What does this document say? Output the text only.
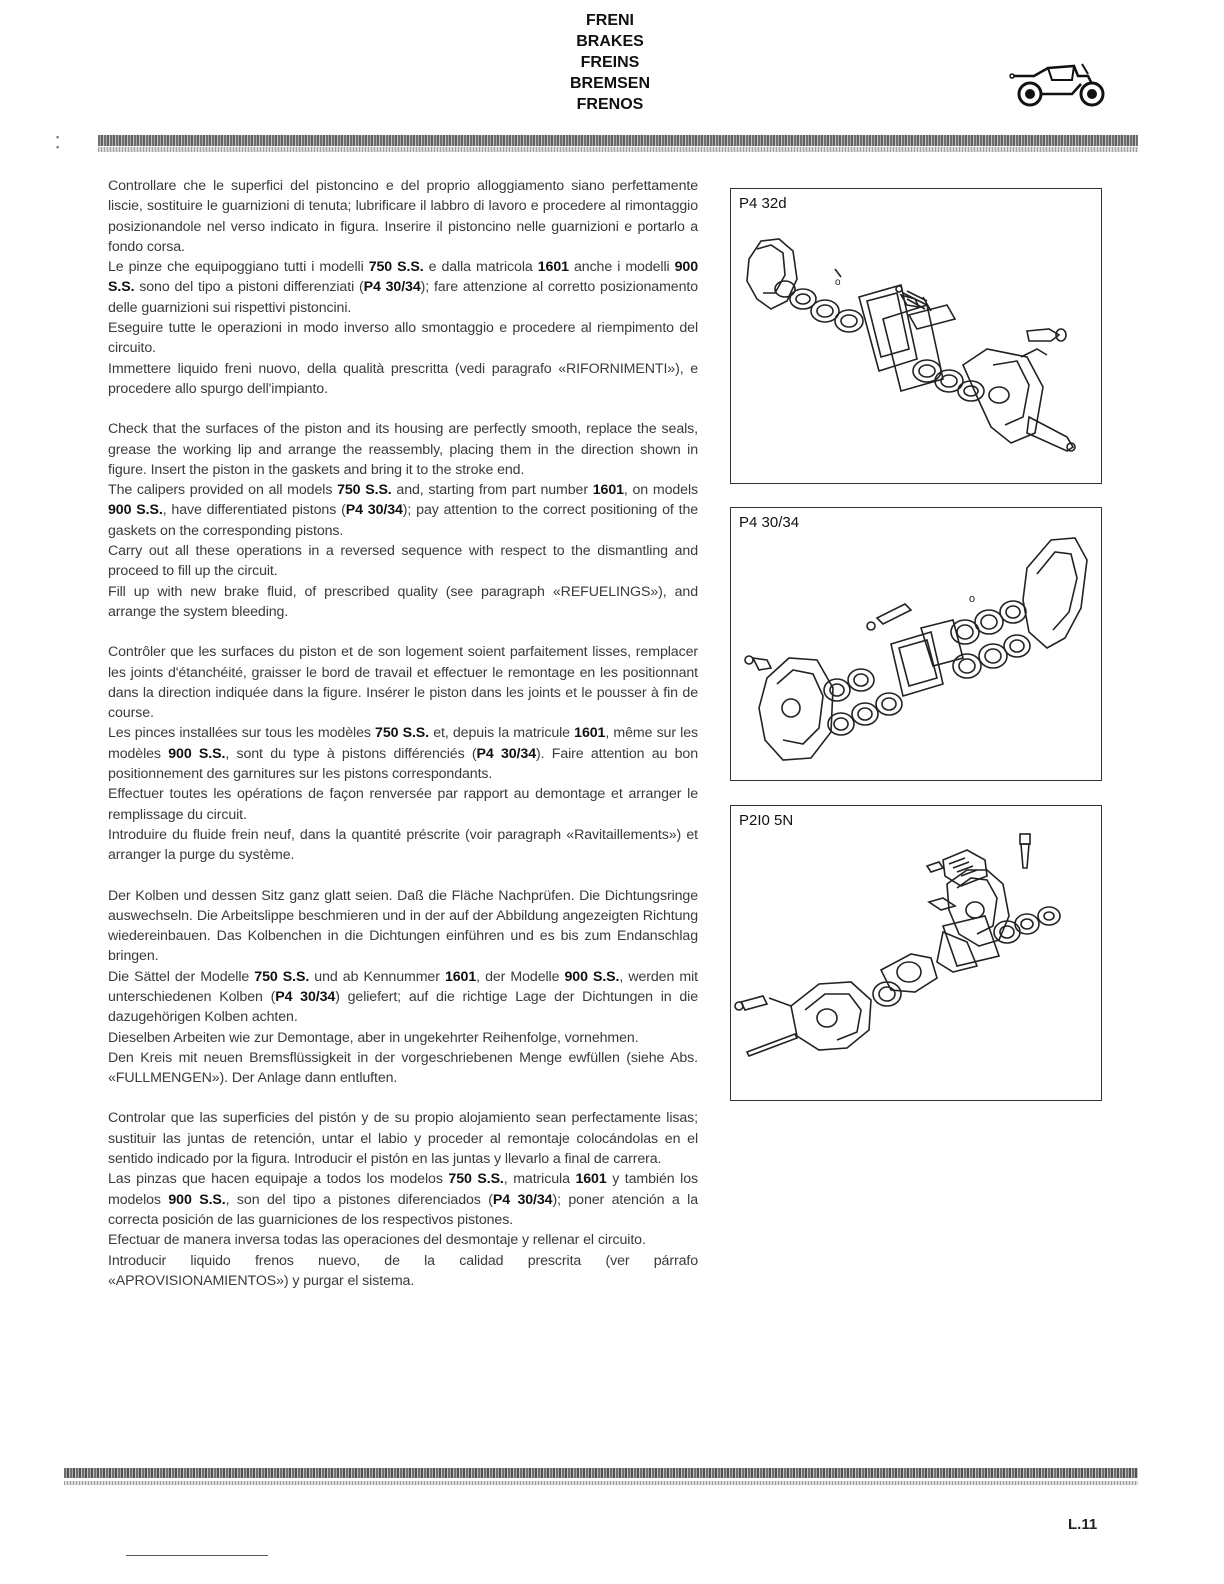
FRENI
BRAKES
FREINS
BREMSEN
FRENOS
▪
▪
Controllare che le superfici del pistoncino e del proprio alloggiamento siano perfettamente liscie, sostituire le guarnizioni di tenuta; lubrificare il labbro di lavoro e procedere al rimontaggio posizionandole nel verso indicato in figura. Inserire il pistoncino nelle guarnizioni e portarlo a fondo corsa.
Le pinze che equipoggiano tutti i modelli 750 S.S. e dalla matricola 1601 anche i modelli 900 S.S. sono del tipo a pistoni differenziati (P4 30/34); fare attenzione al corretto posizionamento delle guarnizioni sui rispettivi pistoncini.
Eseguire tutte le operazioni in modo inverso allo smontaggio e procedere al riempimento del circuito.
Immettere liquido freni nuovo, della qualità prescritta (vedi paragrafo «RIFORNIMENTI»), e procedere allo spurgo dell'impianto.
Check that the surfaces of the piston and its housing are perfectly smooth, replace the seals, grease the working lip and arrange the reassembly, placing them in the direction shown in figure. Insert the piston in the gaskets and bring it to the stroke end.
The calipers provided on all models 750 S.S. and, starting from part number 1601, on models 900 S.S., have differentiated pistons (P4 30/34); pay attention to the correct positioning of the gaskets on the corresponding pistons.
Carry out all these operations in a reversed sequence with respect to the dismantling and proceed to fill up the circuit.
Fill up with new brake fluid, of prescribed quality (see paragraph «REFUELINGS»), and arrange the system bleeding.
Contrôler que les surfaces du piston et de son logement soient parfaitement lisses, remplacer les joints d'étanchéité, graisser le bord de travail et effectuer le remontage en les positionnant dans la direction indiquée dans la figure. Insérer le piston dans les joints et le pousser à fin de course.
Les pinces installées sur tous les modèles 750 S.S. et, depuis la matricule 1601, même sur les modèles 900 S.S., sont du type à pistons différenciés (P4 30/34). Faire attention au bon positionnement des garnitures sur les pistons correspondants.
Effectuer toutes les opérations de façon renversée par rapport au demontage et arranger le remplissage du circuit.
Introduire du fluide frein neuf, dans la quantité préscrite (voir paragraph «Ravitaillements») et arranger la purge du système.
Der Kolben und dessen Sitz ganz glatt seien. Daß die Fläche Nachprüfen. Die Dichtungsringe auswechseln. Die Arbeitslippe beschmieren und in der auf der Abbildung angezeigten Richtung wiedereinbauen. Das Kolbenchen in die Dichtungen einführen und es bis zum Endanschlag bringen.
Die Sättel der Modelle 750 S.S. und ab Kennummer 1601, der Modelle 900 S.S., werden mit unterschiedenen Kolben (P4 30/34) geliefert; auf die richtige Lage der Dichtungen in die dazugehörigen Kolben achten.
Dieselben Arbeiten wie zur Demontage, aber in ungekehrter Reihenfolge, vornehmen.
Den Kreis mit neuen Bremsflüssigkeit in der vorgeschriebenen Menge ewfüllen (siehe Abs. «FULLMENGEN»). Der Anlage dann entluften.
Controlar que las superficies del pistón y de su propio alojamiento sean perfectamente lisas; sustituir las juntas de retención, untar el labio y proceder al remontaje colocándolas en el sentido indicado por la figura. Introducir el pistón en las juntas y llevarlo a final de carrera.
Las pinzas que hacen equipaje a todos los modelos 750 S.S., matricula 1601 y también los modelos 900 S.S., son del tipo a pistones diferenciados (P4 30/34); poner atención a la correcta posición de las guarniciones de los respectivos pistones.
Efectuar de manera inversa todas las operaciones del desmontaje y rellenar el circuito.
Introducir liquido frenos nuevo, de la calidad prescrita (ver párrafo «APROVISIONAMIENTOS») y purgar el sistema.
o
P4 32d
o
P4 30/34
P2I0 5N
L.11
